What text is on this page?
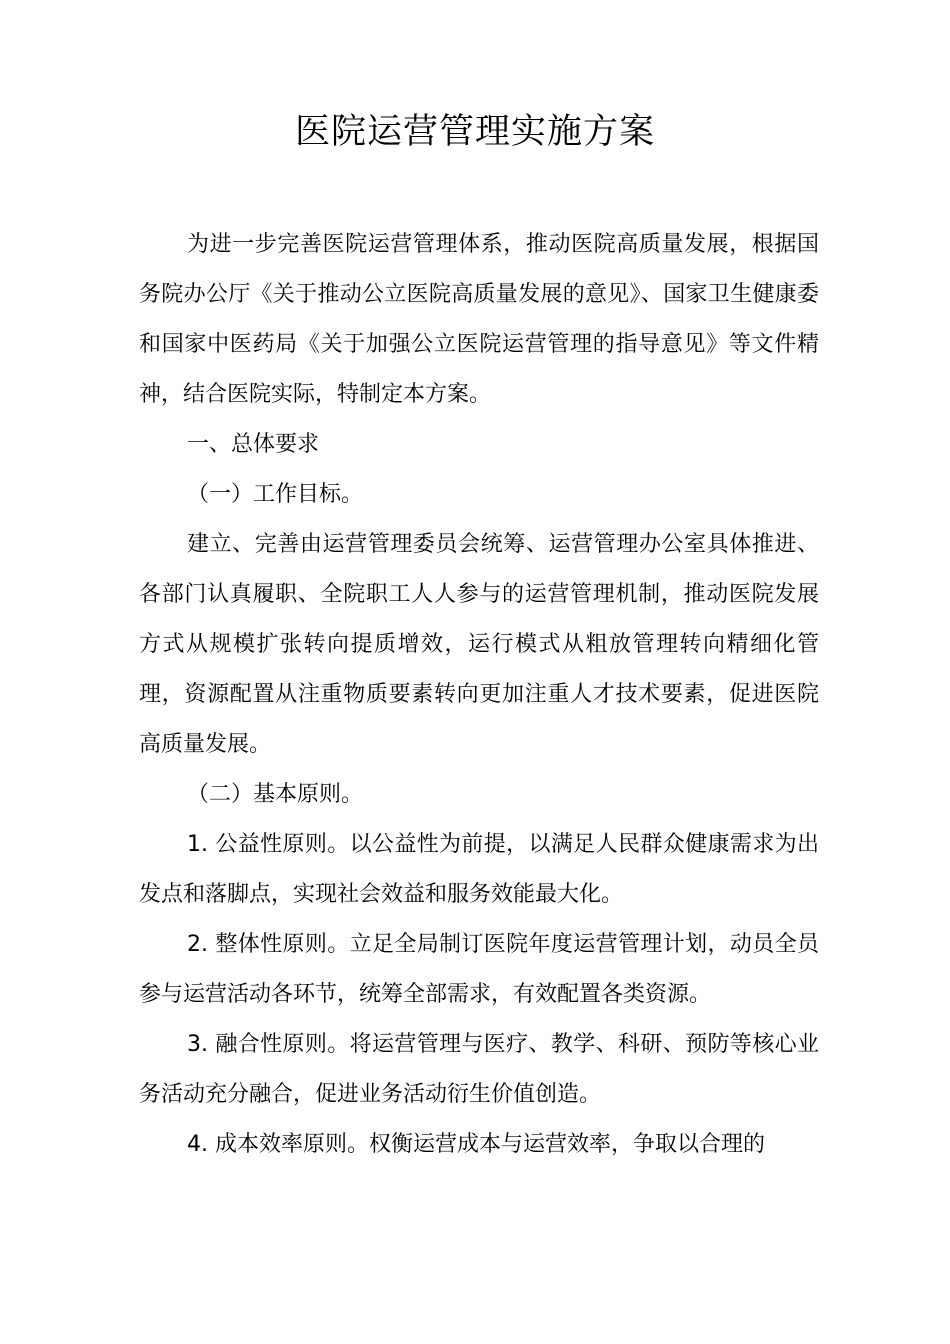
医院运营管理实施方案

为进一步完善医院运营管理体系，推动医院高质量发展，根据国务院办公厅《关于推动公立医院高质量发展的意见》、国家卫生健康委和国家中医药局《关于加强公立医院运营管理的指导意见》等文件精神，结合医院实际，特制定本方案。

一、总体要求

（一）工作目标。

建立、完善由运营管理委员会统筹、运营管理办公室具体推进、各部门认真履职、全院职工人人参与的运营管理机制，推动医院发展方式从规模扩张转向提质增效，运行模式从粗放管理转向精细化管理，资源配置从注重物质要素转向更加注重人才技术要素，促进医院高质量发展。

（二）基本原则。

1. 公益性原则。以公益性为前提，以满足人民群众健康需求为出发点和落脚点，实现社会效益和服务效能最大化。

2. 整体性原则。立足全局制订医院年度运营管理计划，动员全员参与运营活动各环节，统筹全部需求，有效配置各类资源。

3. 融合性原则。将运营管理与医疗、教学、科研、预防等核心业务活动充分融合，促进业务活动衍生价值创造。

4. 成本效率原则。权衡运营成本与运营效率，争取以合理的
